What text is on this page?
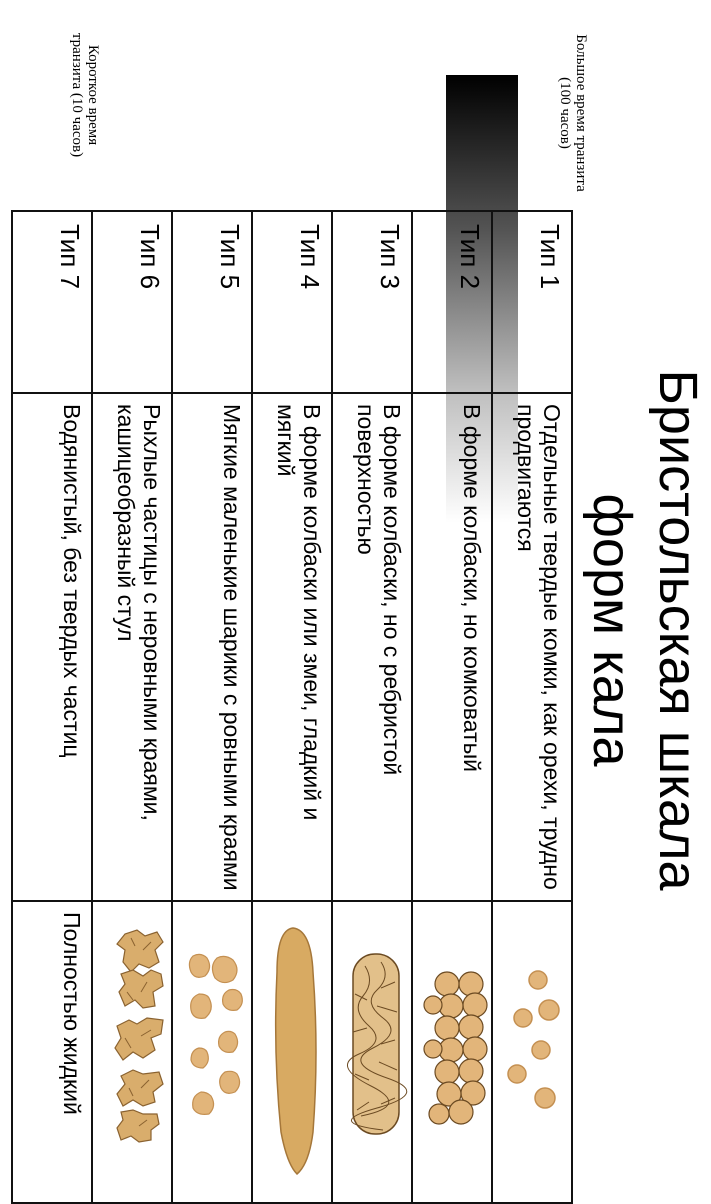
Бристольская шкала
форм кала
Большое время транзита (100 часов)
Короткое время транзита (10 часов)
Тип 1	Отдельные твердые комки, как орехи, трудно продвигаются	

Тип 2	В форме колбаски, но комковатый	

Тип 3	В форме колбаски, но с ребристой поверхностью	

Тип 4	В форме колбаски или змеи, гладкий и мягкий	

Тип 5	Мягкие маленькие шарики с ровными краями	

Тип 6	Рыхлые частицы с неровными краями, кашицеобразный стул	

Тип 7	Водянистый, без твердых частиц	Полностью жидкий
